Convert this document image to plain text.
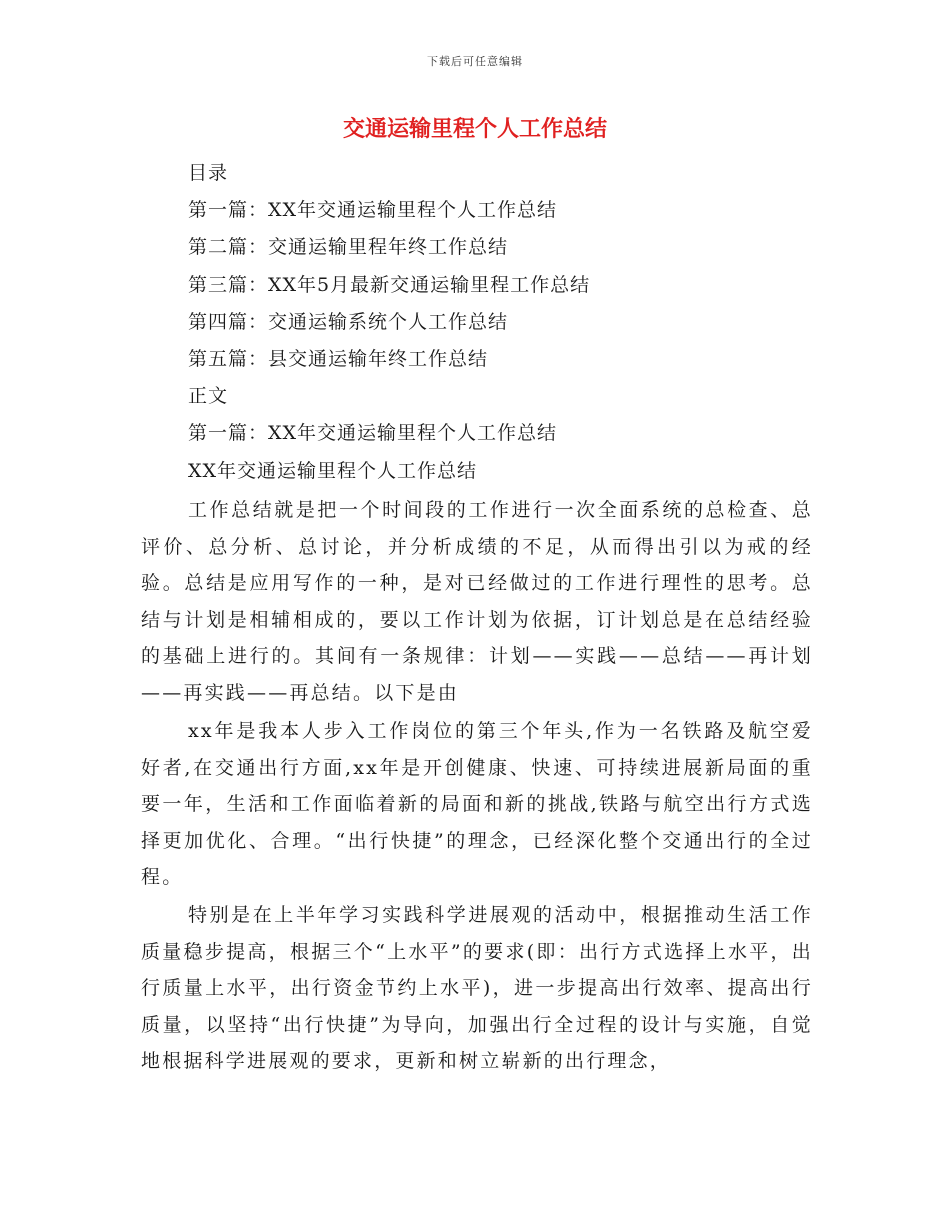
下载后可任意编辑
交通运输里程个人工作总结
目录
第一篇：XX年交通运输里程个人工作总结
第二篇：交通运输里程年终工作总结
第三篇：XX年5月最新交通运输里程工作总结
第四篇：交通运输系统个人工作总结
第五篇：县交通运输年终工作总结
正文
第一篇：XX年交通运输里程个人工作总结
XX年交通运输里程个人工作总结

工作总结就是把一个时间段的工作进行一次全面系统的总检查、总评价、总分析、总讨论，并分析成绩的不足，从而得出引以为戒的经验。总结是应用写作的一种，是对已经做过的工作进行理性的思考。总结与计划是相辅相成的，要以工作计划为依据，订计划总是在总结经验的基础上进行的。其间有一条规律：计划——实践——总结——再计划——再实践——再总结。以下是由

xx年是我本人步入工作岗位的第三个年头,作为一名铁路及航空爱好者,在交通出行方面,xx年是开创健康、快速、可持续进展新局面的重要一年，生活和工作面临着新的局面和新的挑战,铁路与航空出行方式选择更加优化、合理。“出行快捷”的理念，已经深化整个交通出行的全过程。

特别是在上半年学习实践科学进展观的活动中，根据推动生活工作质量稳步提高，根据三个“上水平”的要求(即：出行方式选择上水平，出行质量上水平，出行资金节约上水平)，进一步提高出行效率、提高出行质量，以坚持“出行快捷”为导向，加强出行全过程的设计与实施，自觉地根据科学进展观的要求，更新和树立崭新的出行理念，
